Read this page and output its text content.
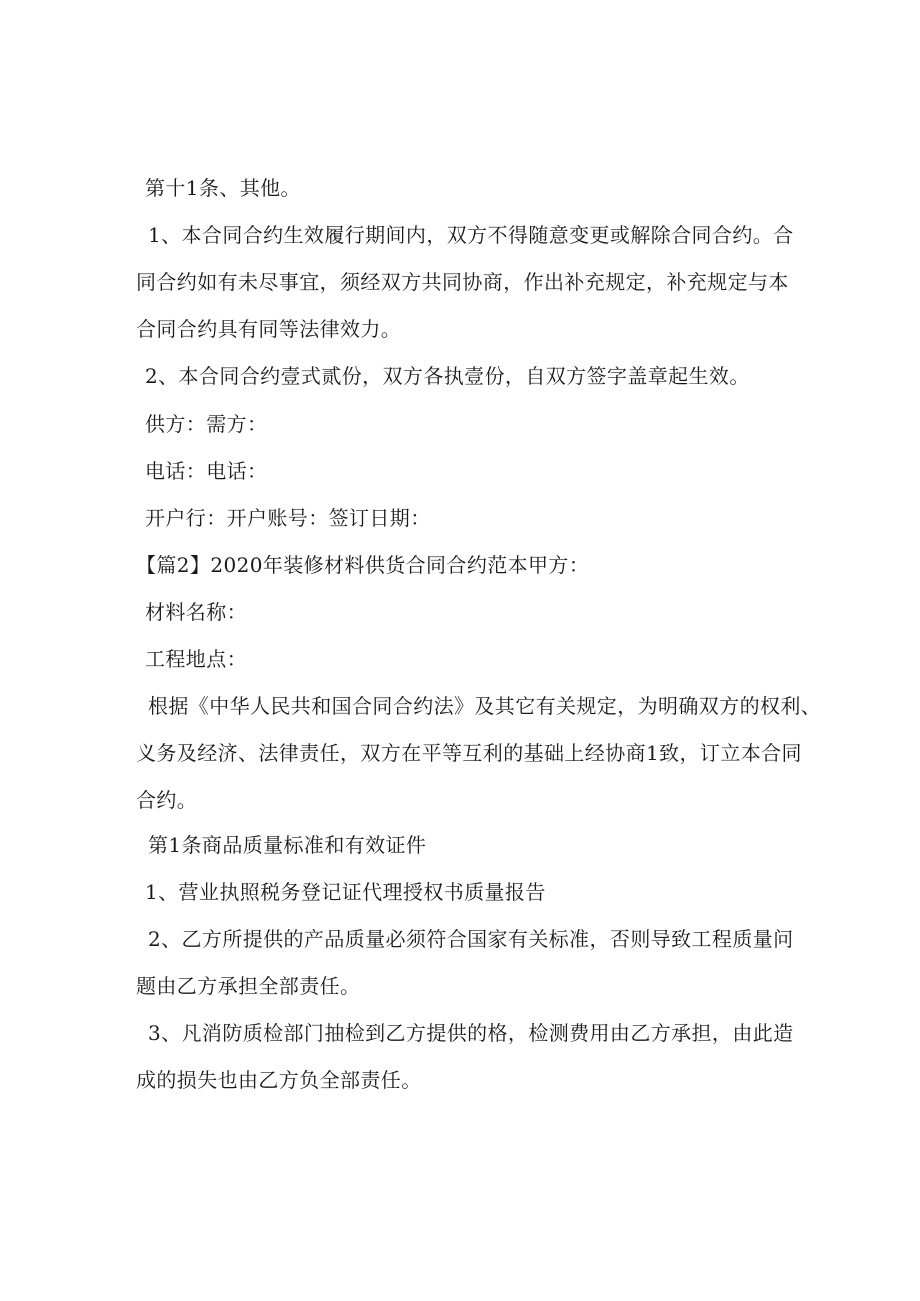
第十1条、其他。
1、本合同合约生效履行期间内，双方不得随意变更或解除合同合约。合
同合约如有未尽事宜，须经双方共同协商，作出补充规定，补充规定与本
合同合约具有同等法律效力。
2、本合同合约壹式贰份，双方各执壹份，自双方签字盖章起生效。
供方：需方：
电话：电话：
开户行：开户账号：签订日期：
【篇2】2020年装修材料供货合同合约范本甲方：
材料名称：
工程地点：
根据《中华人民共和国合同合约法》及其它有关规定，为明确双方的权利、
义务及经济、法律责任，双方在平等互利的基础上经协商1致，订立本合同
合约。
第1条商品质量标准和有效证件
1、营业执照税务登记证代理授权书质量报告
2、乙方所提供的产品质量必须符合国家有关标准，否则导致工程质量问
题由乙方承担全部责任。
3、凡消防质检部门抽检到乙方提供的格，检测费用由乙方承担，由此造
成的损失也由乙方负全部责任。
